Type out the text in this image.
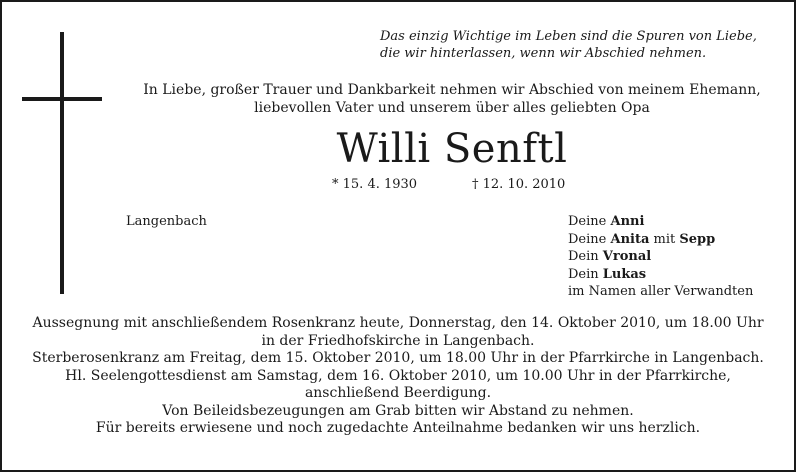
Das einzig Wichtige im Leben sind die Spuren von Liebe,
die wir hinterlassen, wenn wir Abschied nehmen.
In Liebe, großer Trauer und Dankbarkeit nehmen wir Abschied von meinem Ehemann,
liebevollen Vater und unserem über alles geliebten Opa
Willi Senftl
* 15. 4. 1930	† 12. 10. 2010
Langenbach	Deine Anni
Deine Anita mit Sepp
Dein Vronal
Dein Lukas
im Namen aller Verwandten
Aussegnung mit anschließendem Rosenkranz heute, Donnerstag, den 14. Oktober 2010, um 18.00 Uhr
in der Friedhofskirche in Langenbach.
Sterberosenkranz am Freitag, dem 15. Oktober 2010, um 18.00 Uhr in der Pfarrkirche in Langenbach.
Hl. Seelengottesdienst am Samstag, dem 16. Oktober 2010, um 10.00 Uhr in der Pfarrkirche,
anschließend Beerdigung.
Von Beileidsbezeugungen am Grab bitten wir Abstand zu nehmen.
Für bereits erwiesene und noch zugedachte Anteilnahme bedanken wir uns herzlich.
